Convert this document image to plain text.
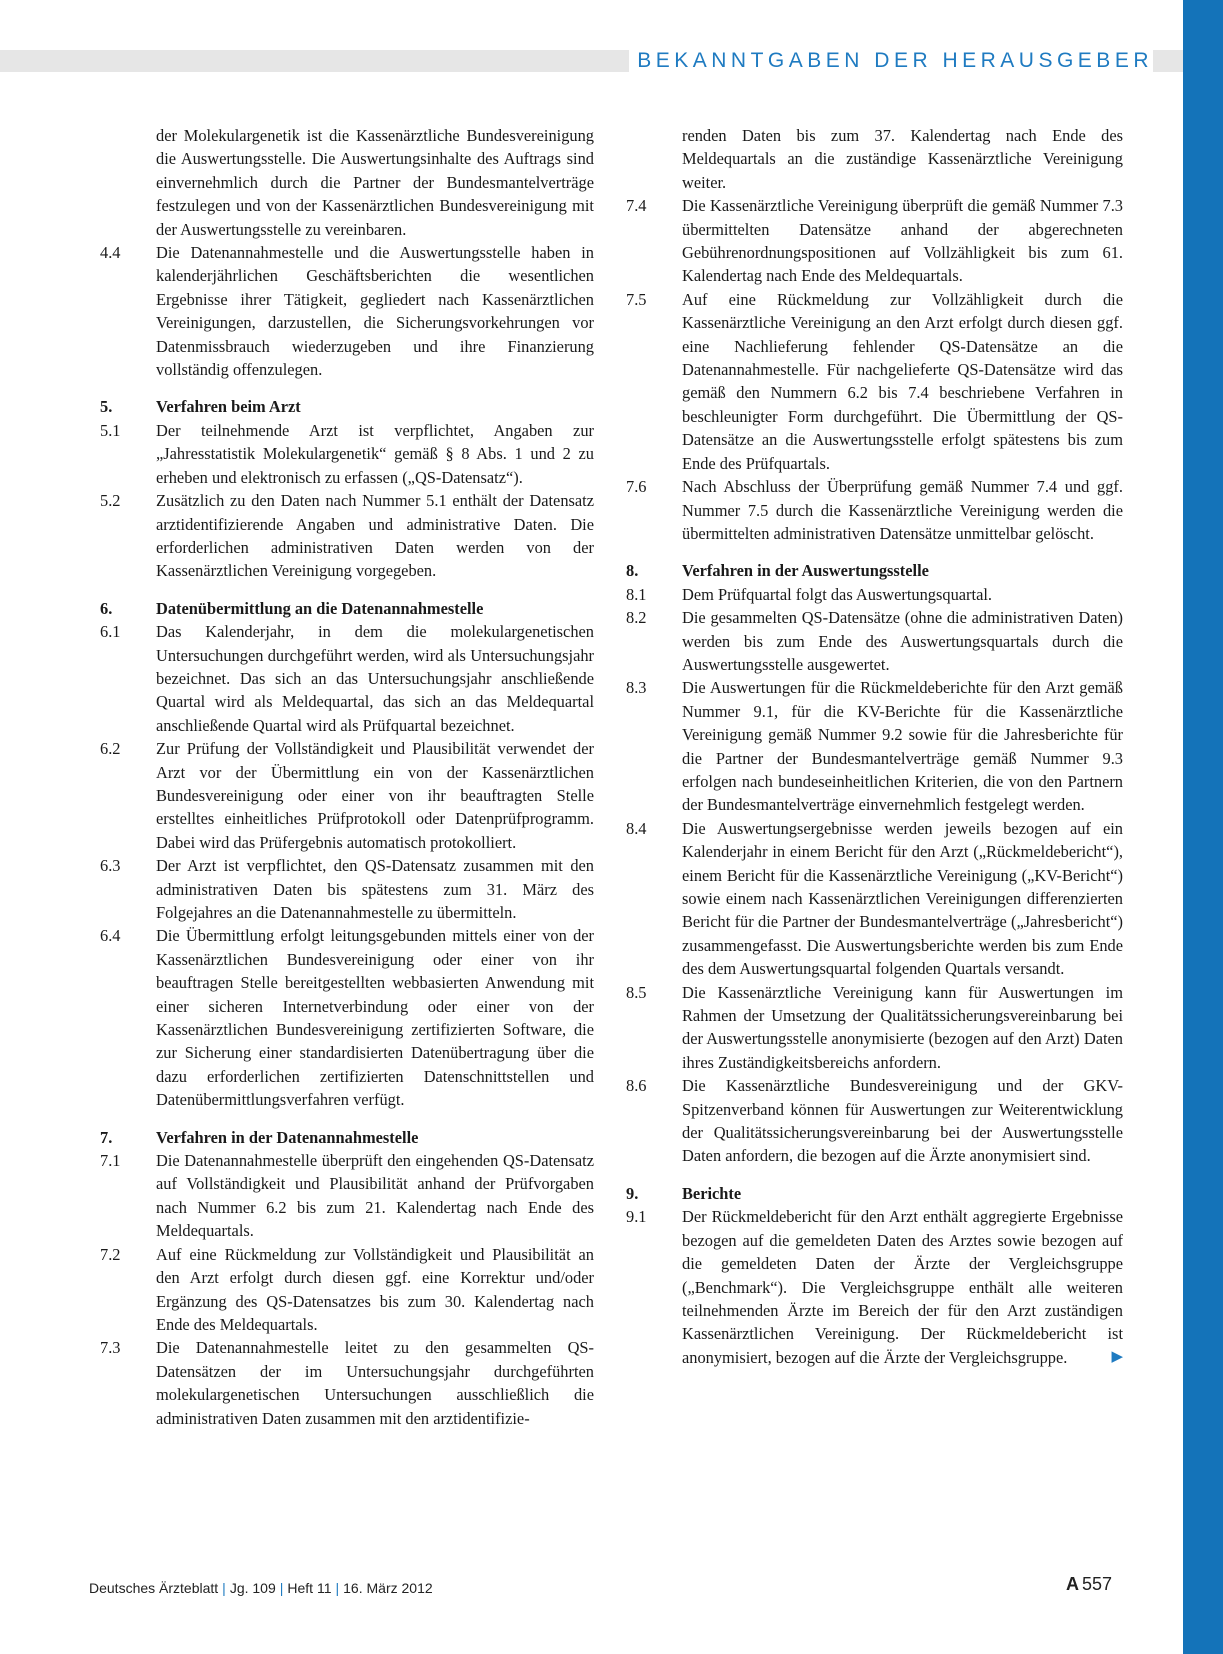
BEKANNTGABEN DER HERAUSGEBER
der Molekulargenetik ist die Kassenärztliche Bundesvereinigung die Auswertungsstelle. Die Auswertungsinhalte des Auftrags sind einvernehmlich durch die Partner der Bundesmantelverträge festzulegen und von der Kassenärztlichen Bundesvereinigung mit der Auswertungsstelle zu vereinbaren.
4.4	Die Datenannahmestelle und die Auswertungsstelle haben in kalenderjährlichen Geschäftsberichten die wesentlichen Ergebnisse ihrer Tätigkeit, gegliedert nach Kassenärztlichen Vereinigungen, darzustellen, die Sicherungsvorkehrungen vor Datenmissbrauch wiederzugeben und ihre Finanzierung vollständig offenzulegen.
5.	Verfahren beim Arzt
5.1	Der teilnehmende Arzt ist verpflichtet, Angaben zur „Jahresstatistik Molekulargenetik“ gemäß § 8 Abs. 1 und 2 zu erheben und elektronisch zu erfassen („QS-Datensatz“).
5.2	Zusätzlich zu den Daten nach Nummer 5.1 enthält der Datensatz arztidentifizierende Angaben und administrative Daten. Die erforderlichen administrativen Daten werden von der Kassenärztlichen Vereinigung vorgegeben.
6.	Datenübermittlung an die Datenannahmestelle
6.1	Das Kalenderjahr, in dem die molekulargenetischen Untersuchungen durchgeführt werden, wird als Untersuchungsjahr bezeichnet. Das sich an das Untersuchungsjahr anschließende Quartal wird als Meldequartal, das sich an das Meldequartal anschließende Quartal wird als Prüfquartal bezeichnet.
6.2	Zur Prüfung der Vollständigkeit und Plausibilität verwendet der Arzt vor der Übermittlung ein von der Kassenärztlichen Bundesvereinigung oder einer von ihr beauftragten Stelle erstelltes einheitliches Prüfprotokoll oder Datenprüfprogramm. Dabei wird das Prüfergebnis automatisch protokolliert.
6.3	Der Arzt ist verpflichtet, den QS-Datensatz zusammen mit den administrativen Daten bis spätestens zum 31. März des Folgejahres an die Datenannahmestelle zu übermitteln.
6.4	Die Übermittlung erfolgt leitungsgebunden mittels einer von der Kassenärztlichen Bundesvereinigung oder einer von ihr beauftragen Stelle bereitgestellten webbasierten Anwendung mit einer sicheren Internetverbindung oder einer von der Kassenärztlichen Bundesvereinigung zertifizierten Software, die zur Sicherung einer standardisierten Datenübertragung über die dazu erforderlichen zertifizierten Datenschnittstellen und Datenübermittlungsverfahren verfügt.
7.	Verfahren in der Datenannahmestelle
7.1	Die Datenannahmestelle überprüft den eingehenden QS-Datensatz auf Vollständigkeit und Plausibilität anhand der Prüfvorgaben nach Nummer 6.2 bis zum 21. Kalendertag nach Ende des Meldequartals.
7.2	Auf eine Rückmeldung zur Vollständigkeit und Plausibilität an den Arzt erfolgt durch diesen ggf. eine Korrektur und/oder Ergänzung des QS-Datensatzes bis zum 30. Kalendertag nach Ende des Meldequartals.
7.3	Die Datenannahmestelle leitet zu den gesammelten QS-Datensätzen der im Untersuchungsjahr durchgeführten molekulargenetischen Untersuchungen ausschließlich die administrativen Daten zusammen mit den arztidentifizie-
renden Daten bis zum 37. Kalendertag nach Ende des Meldequartals an die zuständige Kassenärztliche Vereinigung weiter.
7.4	Die Kassenärztliche Vereinigung überprüft die gemäß Nummer 7.3 übermittelten Datensätze anhand der abgerechneten Gebührenordnungspositionen auf Vollzähligkeit bis zum 61. Kalendertag nach Ende des Meldequartals.
7.5	Auf eine Rückmeldung zur Vollzähligkeit durch die Kassenärztliche Vereinigung an den Arzt erfolgt durch diesen ggf. eine Nachlieferung fehlender QS-Datensätze an die Datenannahmestelle. Für nachgelieferte QS-Datensätze wird das gemäß den Nummern 6.2 bis 7.4 beschriebene Verfahren in beschleunigter Form durchgeführt. Die Übermittlung der QS-Datensätze an die Auswertungsstelle erfolgt spätestens bis zum Ende des Prüfquartals.
7.6	Nach Abschluss der Überprüfung gemäß Nummer 7.4 und ggf. Nummer 7.5 durch die Kassenärztliche Vereinigung werden die übermittelten administrativen Datensätze unmittelbar gelöscht.
8.	Verfahren in der Auswertungsstelle
8.1	Dem Prüfquartal folgt das Auswertungsquartal.
8.2	Die gesammelten QS-Datensätze (ohne die administrativen Daten) werden bis zum Ende des Auswertungsquartals durch die Auswertungsstelle ausgewertet.
8.3	Die Auswertungen für die Rückmeldeberichte für den Arzt gemäß Nummer 9.1, für die KV-Berichte für die Kassenärztliche Vereinigung gemäß Nummer 9.2 sowie für die Jahresberichte für die Partner der Bundesmantelverträge gemäß Nummer 9.3 erfolgen nach bundeseinheitlichen Kriterien, die von den Partnern der Bundesmantelverträge einvernehmlich festgelegt werden.
8.4	Die Auswertungsergebnisse werden jeweils bezogen auf ein Kalenderjahr in einem Bericht für den Arzt („Rückmeldebericht“), einem Bericht für die Kassenärztliche Vereinigung („KV-Bericht“) sowie einem nach Kassenärztlichen Vereinigungen differenzierten Bericht für die Partner der Bundesmantelverträge („Jahresbericht“) zusammengefasst. Die Auswertungsberichte werden bis zum Ende des dem Auswertungsquartal folgenden Quartals versandt.
8.5	Die Kassenärztliche Vereinigung kann für Auswertungen im Rahmen der Umsetzung der Qualitätssicherungsvereinbarung bei der Auswertungsstelle anonymisierte (bezogen auf den Arzt) Daten ihres Zuständigkeitsbereichs anfordern.
8.6	Die Kassenärztliche Bundesvereinigung und der GKV-Spitzenverband können für Auswertungen zur Weiterentwicklung der Qualitätssicherungsvereinbarung bei der Auswertungsstelle Daten anfordern, die bezogen auf die Ärzte anonymisiert sind.
9.	Berichte
9.1	Der Rückmeldebericht für den Arzt enthält aggregierte Ergebnisse bezogen auf die gemeldeten Daten des Arztes sowie bezogen auf die gemeldeten Daten der Ärzte der Vergleichsgruppe („Benchmark“). Die Vergleichsgruppe enthält alle weiteren teilnehmenden Ärzte im Bereich der für den Arzt zuständigen Kassenärztlichen Vereinigung. Der Rückmeldebericht ist anonymisiert, bezogen auf die Ärzte der Vergleichsgruppe.	▶
Deutsches Ärzteblatt | Jg. 109 | Heft 11 | 16. März 2012	A 557
